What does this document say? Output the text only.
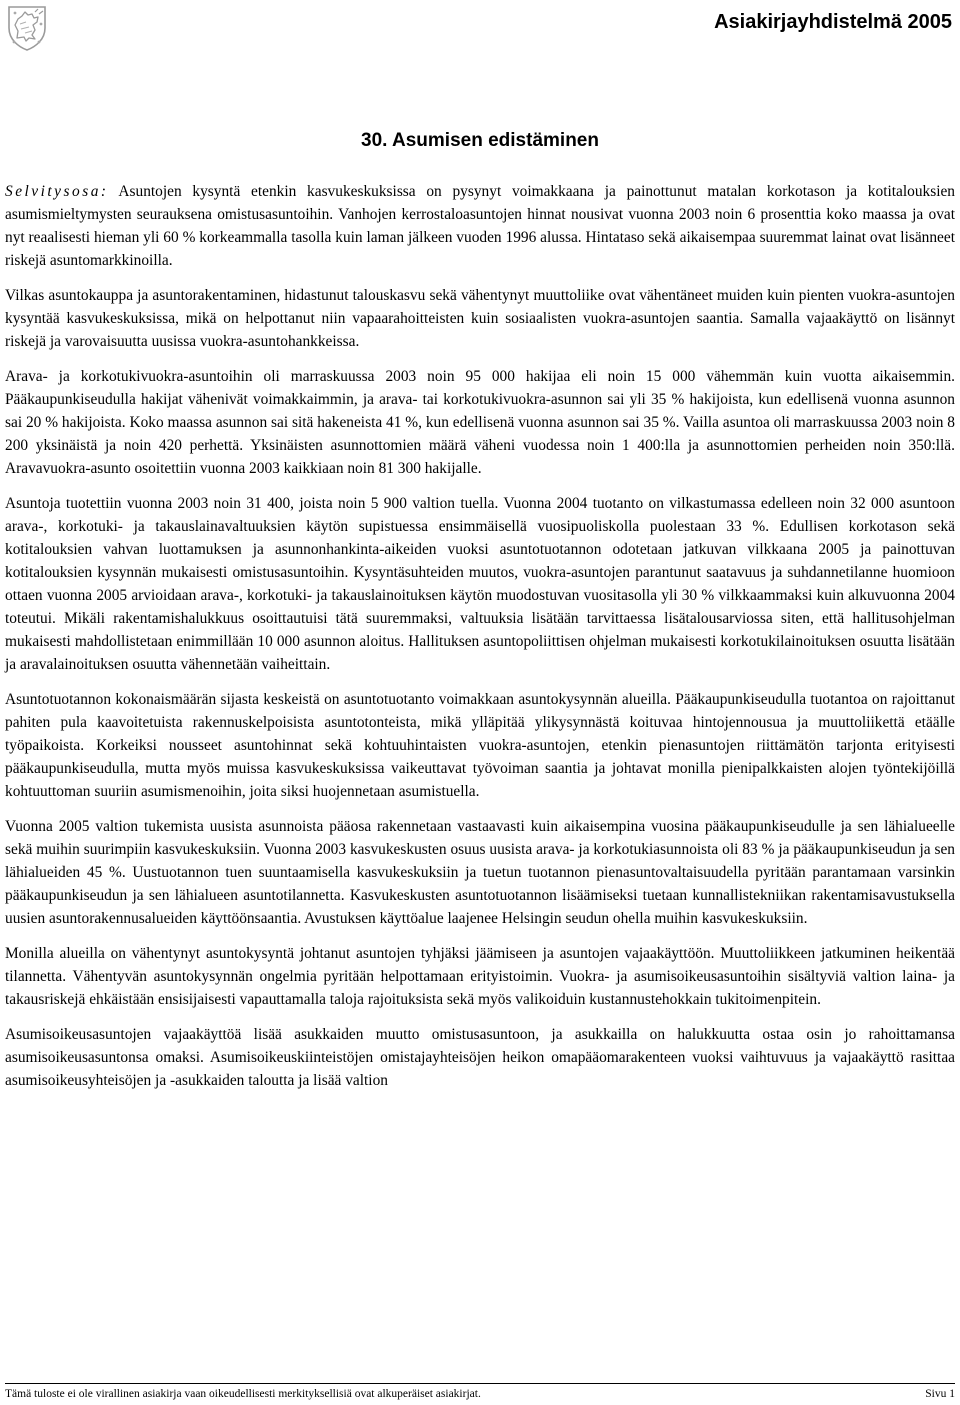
Asiakirjayhdistelmä 2005
30. Asumisen edistäminen

Selvitysosa: Asuntojen kysyntä etenkin kasvukeskuksissa on pysynyt voimakkaana ja painottunut matalan korkotason ja kotitalouksien asumismieltymysten seurauksena omistusasuntoihin. Vanhojen kerrostaloasuntojen hinnat nousivat vuonna 2003 noin 6 prosenttia koko maassa ja ovat nyt reaalisesti hieman yli 60 % korkeammalla tasolla kuin laman jälkeen vuoden 1996 alussa. Hintataso sekä aikaisempaa suuremmat lainat ovat lisänneet riskejä asuntomarkkinoilla.

Vilkas asuntokauppa ja asuntorakentaminen, hidastunut talouskasvu sekä vähentynyt muuttoliike ovat vähentäneet muiden kuin pienten vuokra-asuntojen kysyntää kasvukeskuksissa, mikä on helpottanut niin vapaarahoitteisten kuin sosiaalisten vuokra-asuntojen saantia. Samalla vajaakäyttö on lisännyt riskejä ja varovaisuutta uusissa vuokra-asuntohankkeissa.

Arava- ja korkotukivuokra-asuntoihin oli marraskuussa 2003 noin 95 000 hakijaa eli noin 15 000 vähemmän kuin vuotta aikaisemmin. Pääkaupunkiseudulla hakijat vähenivät voimakkaimmin, ja arava- tai korkotukivuokra-asunnon sai yli 35 % hakijoista, kun edellisenä vuonna asunnon sai 20 % hakijoista. Koko maassa asunnon sai sitä hakeneista 41 %, kun edellisenä vuonna asunnon sai 35 %. Vailla asuntoa oli marraskuussa 2003 noin 8 200 yksinäistä ja noin 420 perhettä. Yksinäisten asunnottomien määrä väheni vuodessa noin 1 400:lla ja asunnottomien perheiden noin 350:llä. Aravavuokra-asunto osoitettiin vuonna 2003 kaikkiaan noin 81 300 hakijalle.

Asuntoja tuotettiin vuonna 2003 noin 31 400, joista noin 5 900 valtion tuella. Vuonna 2004 tuotanto on vilkastumassa edelleen noin 32 000 asuntoon arava-, korkotuki- ja takauslainavaltuuksien käytön supistuessa ensimmäisellä vuosipuoliskolla puolestaan 33 %. Edullisen korkotason sekä kotitalouksien vahvan luottamuksen ja asunnonhankinta-aikeiden vuoksi asuntotuotannon odotetaan jatkuvan vilkkaana 2005 ja painottuvan kotitalouksien kysynnän mukaisesti omistusasuntoihin. Kysyntäsuhteiden muutos, vuokra-asuntojen parantunut saatavuus ja suhdannetilanne huomioon ottaen vuonna 2005 arvioidaan arava-, korkotuki- ja takauslainoituksen käytön muodostuvan vuositasolla yli 30 % vilkkaammaksi kuin alkuvuonna 2004 toteutui. Mikäli rakentamishalukkuus osoittautuisi tätä suuremmaksi, valtuuksia lisätään tarvittaessa lisätalousarviossa siten, että hallitusohjelman mukaisesti mahdollistetaan enimmillään 10 000 asunnon aloitus. Hallituksen asuntopoliittisen ohjelman mukaisesti korkotukilainoituksen osuutta lisätään ja aravalainoituksen osuutta vähennetään vaiheittain.

Asuntotuotannon kokonaismäärän sijasta keskeistä on asuntotuotanto voimakkaan asuntokysynnän alueilla. Pääkaupunkiseudulla tuotantoa on rajoittanut pahiten pula kaavoitetuista rakennuskelpoisista asuntotonteista, mikä ylläpitää ylikysynnästä koituvaa hintojennousua ja muuttoliikettä etäälle työpaikoista. Korkeiksi nousseet asuntohinnat sekä kohtuuhintaisten vuokra-asuntojen, etenkin pienasuntojen riittämätön tarjonta erityisesti pääkaupunkiseudulla, mutta myös muissa kasvukeskuksissa vaikeuttavat työvoiman saantia ja johtavat monilla pienipalkkaisten alojen työntekijöillä kohtuuttoman suuriin asumismenoihin, joita siksi huojennetaan asumistuella.

Vuonna 2005 valtion tukemista uusista asunnoista pääosa rakennetaan vastaavasti kuin aikaisempina vuosina pääkaupunkiseudulle ja sen lähialueelle sekä muihin suurimpiin kasvukeskuksiin. Vuonna 2003 kasvukeskusten osuus uusista arava- ja korkotukiasunnoista oli 83 % ja pääkaupunkiseudun ja sen lähialueiden 45 %. Uustuotannon tuen suuntaamisella kasvukeskuksiin ja tuetun tuotannon pienasuntovaltaisuudella pyritään parantamaan varsinkin pääkaupunkiseudun ja sen lähialueen asuntotilannetta. Kasvukeskusten asuntotuotannon lisäämiseksi tuetaan kunnallistekniikan rakentamisavustuksella uusien asuntorakennusalueiden käyttöönsaantia. Avustuksen käyttöalue laajenee Helsingin seudun ohella muihin kasvukeskuksiin.

Monilla alueilla on vähentynyt asuntokysyntä johtanut asuntojen tyhjäksi jäämiseen ja asuntojen vajaakäyttöön. Muuttoliikkeen jatkuminen heikentää tilannetta. Vähentyvän asuntokysynnän ongelmia pyritään helpottamaan erityistoimin. Vuokra- ja asumisoikeusasuntoihin sisältyviä valtion laina- ja takausriskejä ehkäistään ensisijaisesti vapauttamalla taloja rajoituksista sekä myös valikoiduin kustannustehokkain tukitoimenpitein.

Asumisoikeusasuntojen vajaakäyttöä lisää asukkaiden muutto omistusasuntoon, ja asukkailla on halukkuutta ostaa osin jo rahoittamansa asumisoikeusasuntonsa omaksi. Asumisoikeuskiinteistöjen omistajayhteisöjen heikon omapääomarakenteen vuoksi vaihtuvuus ja vajaakäyttö rasittaa asumisoikeusyhteisöjen ja -asukkaiden taloutta ja lisää valtion

Tämä tuloste ei ole virallinen asiakirja vaan oikeudellisesti merkityksellisiä ovat alkuperäiset asiakirjat.	Sivu 1
